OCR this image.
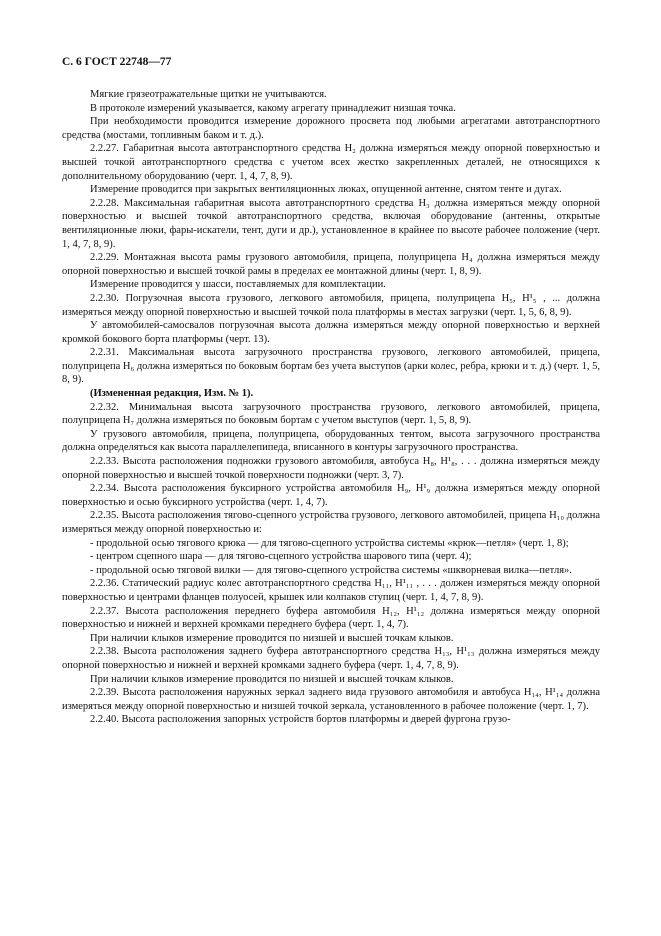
С. 6 ГОСТ 22748—77

Мягкие грязеотражательные щитки не учитываются.

В протоколе измерений указывается, какому агрегату принадлежит низшая точка.

При необходимости проводится измерение дорожного просвета под любыми агрегатами автотранспортного средства (мостами, топливным баком и т. д.).

2.2.27. Габаритная высота автотранспортного средства H₂ должна измеряться между опорной поверхностью и высшей точкой автотранспортного средства с учетом всех жестко закрепленных деталей, не относящихся к дополнительному оборудованию (черт. 1, 4, 7, 8, 9).

Измерение проводится при закрытых вентиляционных люках, опущенной антенне, снятом тенте и дугах.

2.2.28. Максимальная габаритная высота автотранспортного средства H₃ должна измеряться между опорной поверхностью и высшей точкой автотранспортного средства, включая оборудование (антенны, открытые вентиляционные люки, фары-искатели, тент, дуги и др.), установленное в крайнее по высоте рабочее положение (черт. 1, 4, 7, 8, 9).

2.2.29. Монтажная высота рамы грузового автомобиля, прицепа, полуприцепа H₄ должна измеряться между опорной поверхностью и высшей точкой рамы в пределах ее монтажной длины (черт. 1, 8, 9).

Измерение проводится у шасси, поставляемых для комплектации.

2.2.30. Погрузочная высота грузового, легкового автомобиля, прицепа, полуприцепа H₅, H¹₅ , ... должна измеряться между опорной поверхностью и высшей точкой пола платформы в местах загрузки (черт. 1, 5, 6, 8, 9).

У автомобилей-самосвалов погрузочная высота должна измеряться между опорной поверхностью и верхней кромкой бокового борта платформы (черт. 13).

2.2.31. Максимальная высота загрузочного пространства грузового, легкового автомобилей, прицепа, полуприцепа H₆ должна измеряться по боковым бортам без учета выступов (арки колес, ребра, крюки и т. д.) (черт. 1, 5, 8, 9).

(Измененная редакция, Изм. № 1).

2.2.32. Минимальная высота загрузочного пространства грузового, легкового автомобилей, прицепа, полуприцепа H₇ должна измеряться по боковым бортам с учетом выступов (черт. 1, 5, 8, 9).

У грузового автомобиля, прицепа, полуприцепа, оборудованных тентом, высота загрузочного пространства должна определяться как высота параллелепипеда, вписанного в контуры загрузочного пространства.

2.2.33. Высота расположения подножки грузового автомобиля, автобуса H₈, H¹₈, . . . должна измеряться между опорной поверхностью и высшей точкой поверхности подножки (черт. 3, 7).

2.2.34. Высота расположения буксирного устройства автомобиля H₉, H¹₉ должна измеряться между опорной поверхностью и осью буксирного устройства (черт. 1, 4, 7).

2.2.35. Высота расположения тягово-сцепного устройства грузового, легкового автомобилей, прицепа H₁₀ должна измеряться между опорной поверхностью и:

- продольной осью тягового крюка — для тягово-сцепного устройства системы «крюк—петля» (черт. 1, 8);

- центром сцепного шара — для тягово-сцепного устройства шарового типа (черт. 4);

- продольной осью тяговой вилки — для тягово-сцепного устройства системы «шкворневая вилка—петля».

2.2.36. Статический радиус колес автотранспортного средства H₁₁, H¹₁₁ , . . . должен измеряться между опорной поверхностью и центрами фланцев полуосей, крышек или колпаков ступиц (черт. 1, 4, 7, 8, 9).

2.2.37. Высота расположения переднего буфера автомобиля H₁₂, H¹₁₂ должна измеряться между опорной поверхностью и нижней и верхней кромками переднего буфера (черт. 1, 4, 7).

При наличии клыков измерение проводится по низшей и высшей точкам клыков.

2.2.38. Высота расположения заднего буфера автотранспортного средства H₁₃, H¹₁₃ должна измеряться между опорной поверхностью и нижней и верхней кромками заднего буфера (черт. 1, 4, 7, 8, 9).

При наличии клыков измерение проводится по низшей и высшей точкам клыков.

2.2.39. Высота расположения наружных зеркал заднего вида грузового автомобиля и автобуса H₁₄, H¹₁₄ должна измеряться между опорной поверхностью и низшей точкой зеркала, установленного в рабочее положение (черт. 1, 7).

2.2.40. Высота расположения запорных устройств бортов платформы и дверей фургона грузо-
